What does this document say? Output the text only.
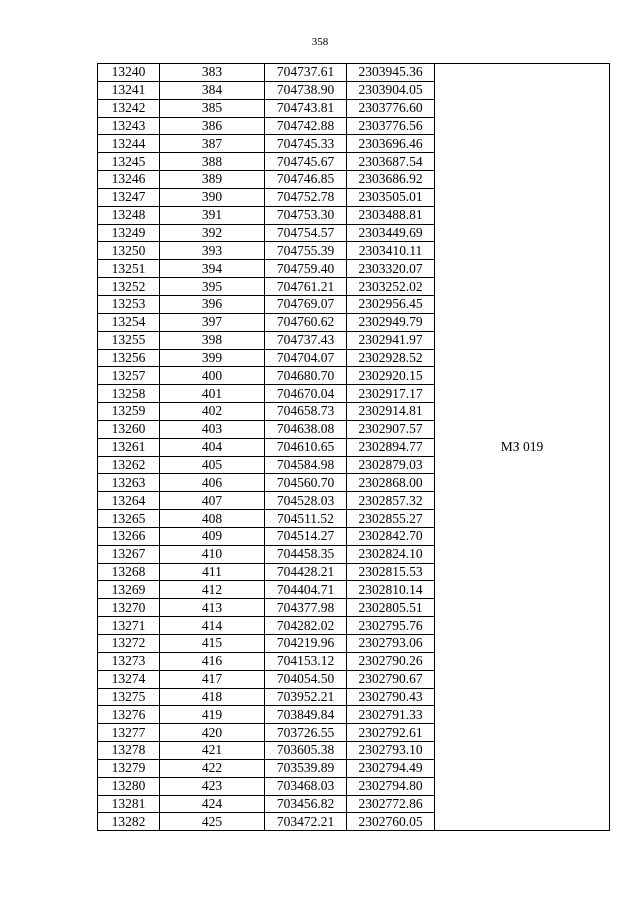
358
13240	383	704737.61	2303945.36	МЗ 019
13241	384	704738.90	2303904.05	
13242	385	704743.81	2303776.60	
13243	386	704742.88	2303776.56	
13244	387	704745.33	2303696.46	
13245	388	704745.67	2303687.54	
13246	389	704746.85	2303686.92	
13247	390	704752.78	2303505.01	
13248	391	704753.30	2303488.81	
13249	392	704754.57	2303449.69	
13250	393	704755.39	2303410.11	
13251	394	704759.40	2303320.07	
13252	395	704761.21	2303252.02	
13253	396	704769.07	2302956.45	
13254	397	704760.62	2302949.79	
13255	398	704737.43	2302941.97	
13256	399	704704.07	2302928.52	
13257	400	704680.70	2302920.15	
13258	401	704670.04	2302917.17	
13259	402	704658.73	2302914.81	
13260	403	704638.08	2302907.57	
13261	404	704610.65	2302894.77	
13262	405	704584.98	2302879.03	
13263	406	704560.70	2302868.00	
13264	407	704528.03	2302857.32	
13265	408	704511.52	2302855.27	
13266	409	704514.27	2302842.70	
13267	410	704458.35	2302824.10	
13268	411	704428.21	2302815.53	
13269	412	704404.71	2302810.14	
13270	413	704377.98	2302805.51	
13271	414	704282.02	2302795.76	
13272	415	704219.96	2302793.06	
13273	416	704153.12	2302790.26	
13274	417	704054.50	2302790.67	
13275	418	703952.21	2302790.43	
13276	419	703849.84	2302791.33	
13277	420	703726.55	2302792.61	
13278	421	703605.38	2302793.10	
13279	422	703539.89	2302794.49	
13280	423	703468.03	2302794.80	
13281	424	703456.82	2302772.86	
13282	425	703472.21	2302760.05	
